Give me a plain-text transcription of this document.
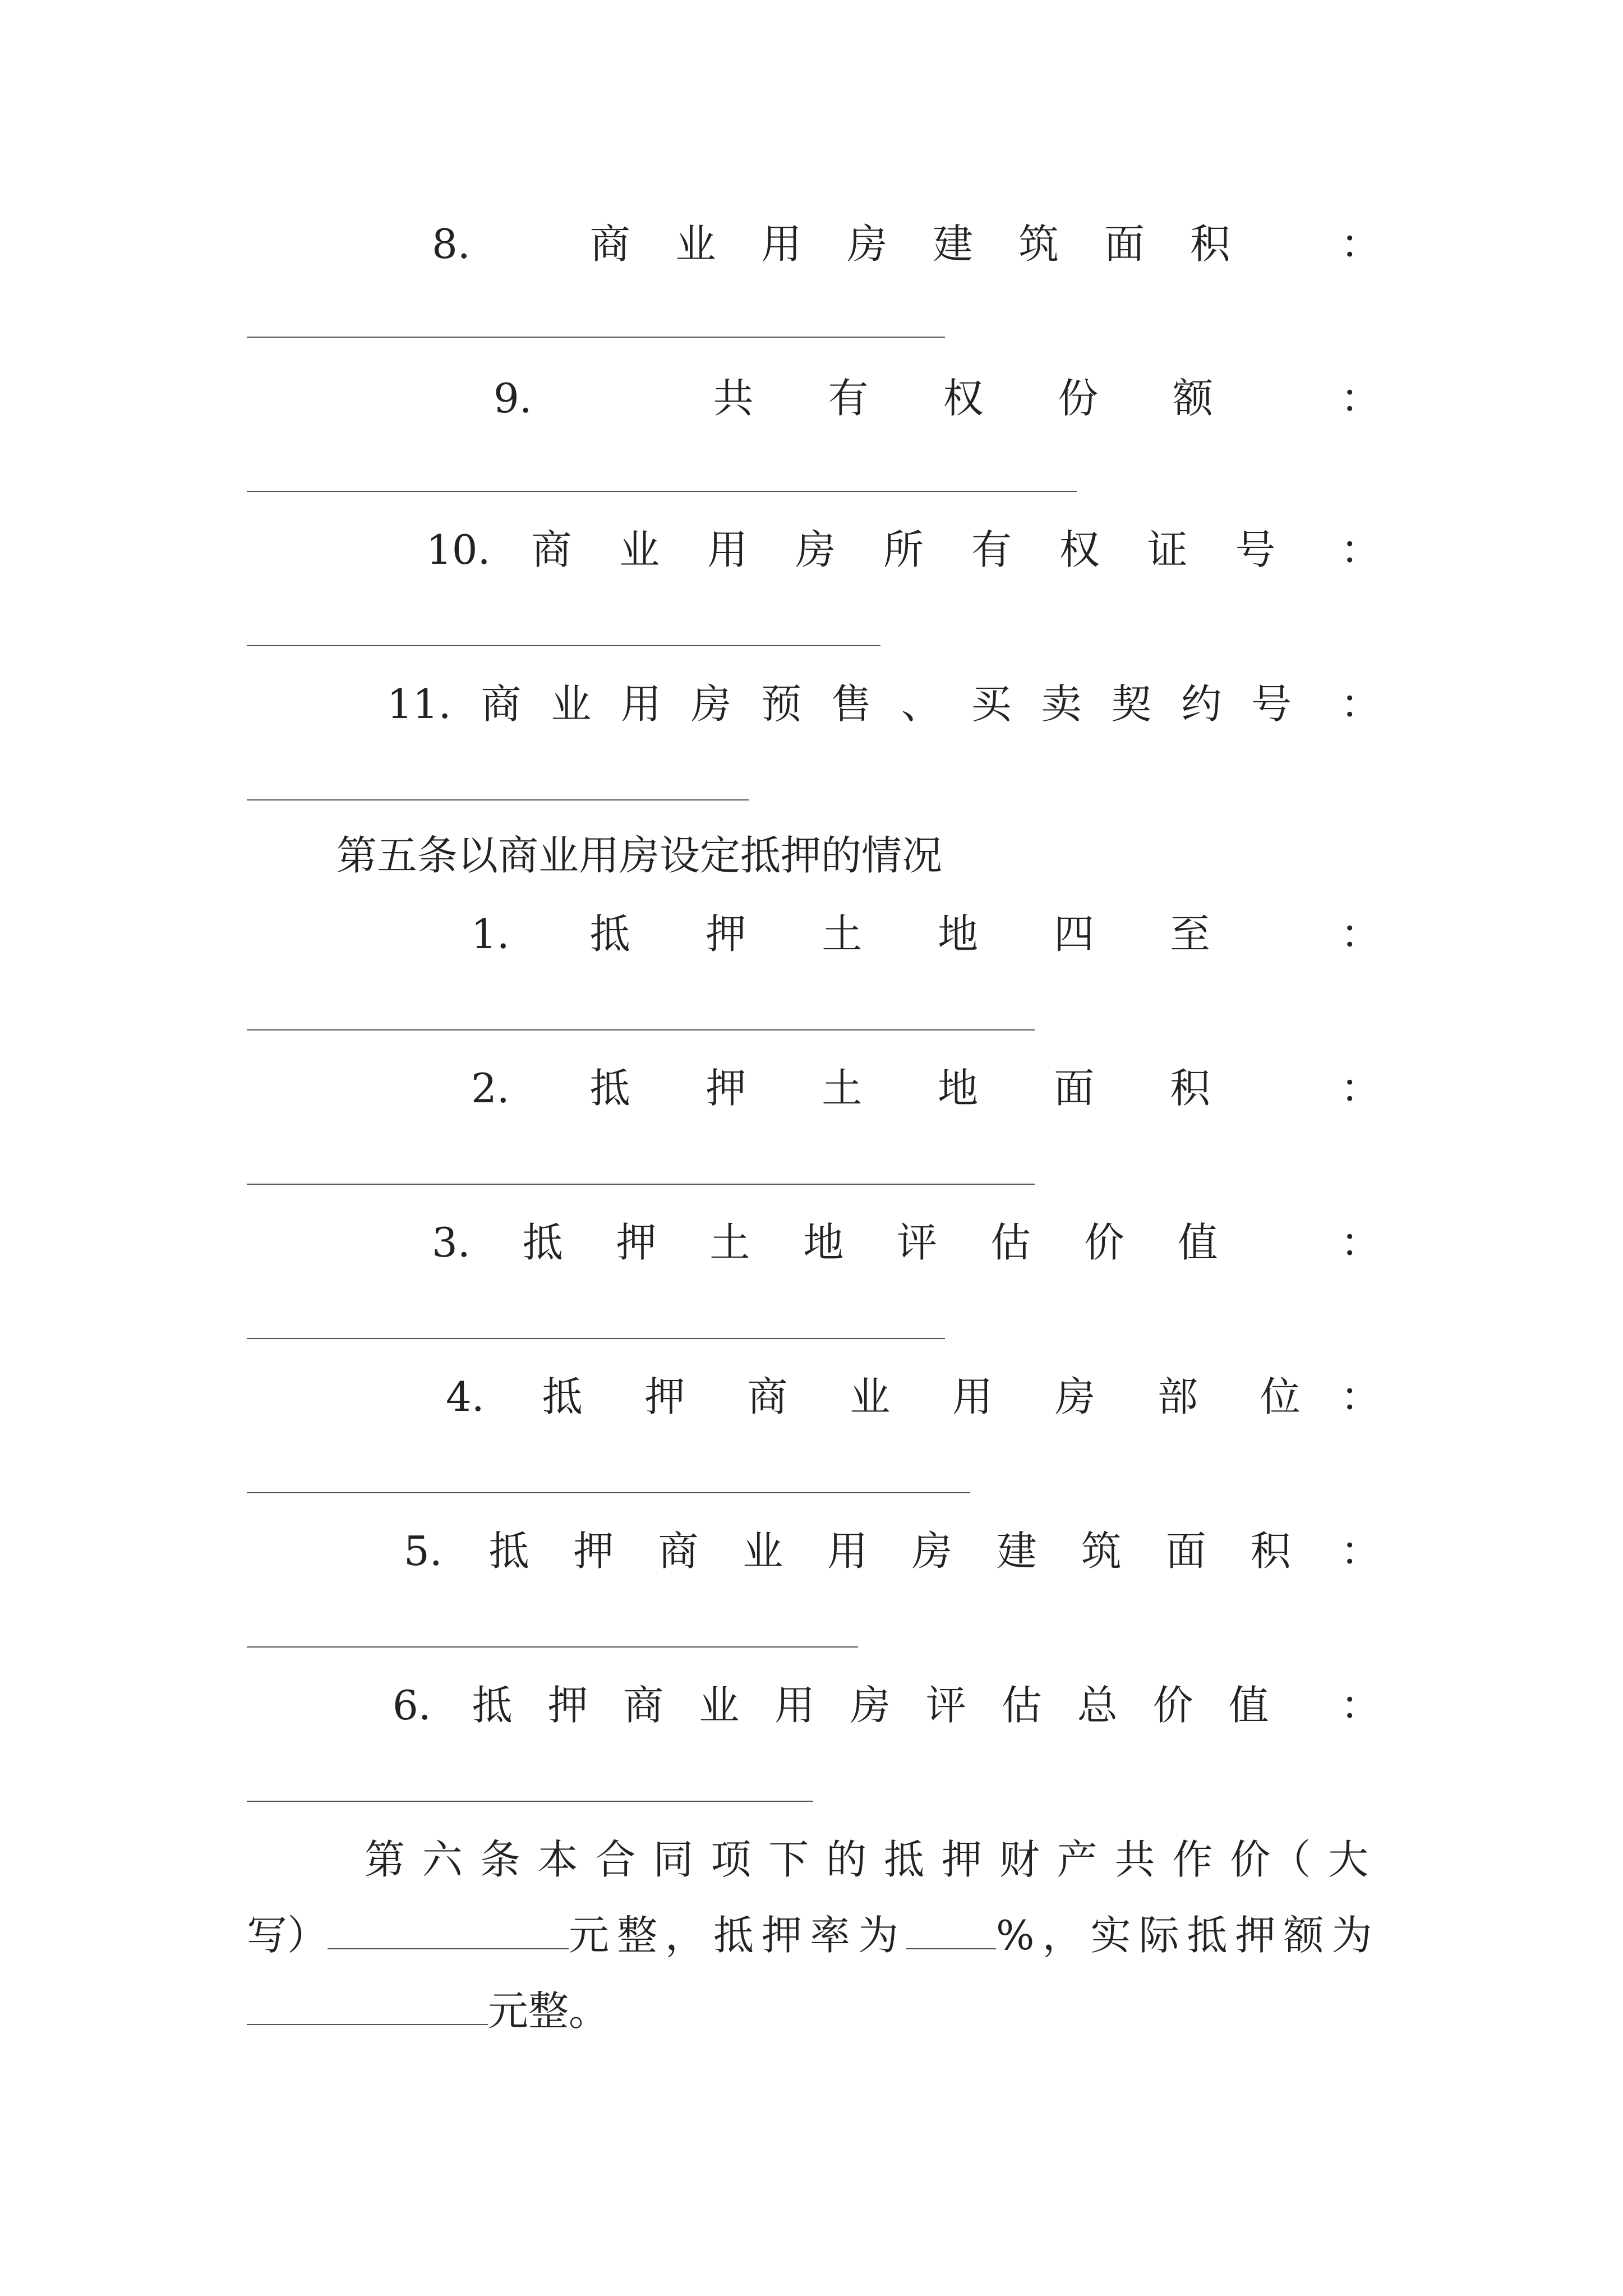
8.	商 业 用 房 建 筑 面 积	：
9.	共 有 权 份 额	：
10. 商 业 用 房 所 有 权 证 号 ：
11. 商 业 用 房 预 售 、 买 卖 契 约 号 ：
第五条以商业用房设定抵押的情况
1. 抵 押 土 地 四 至	：
2. 抵 押 土 地 面 积	：
3. 抵 押 土 地 评 估 价 值	：
4. 抵 押 商 业 用 房 部 位 ：
5. 抵 押 商 业 用 房 建 筑 面 积 ：
6. 抵 押 商 业 用 房 评 估 总 价 值 ：
第 六 条 本 合 同 项 下 的 抵 押 财 产 共 作 价（ 大
写）	元整，抵押率为 %，实际抵押额为
元整。
